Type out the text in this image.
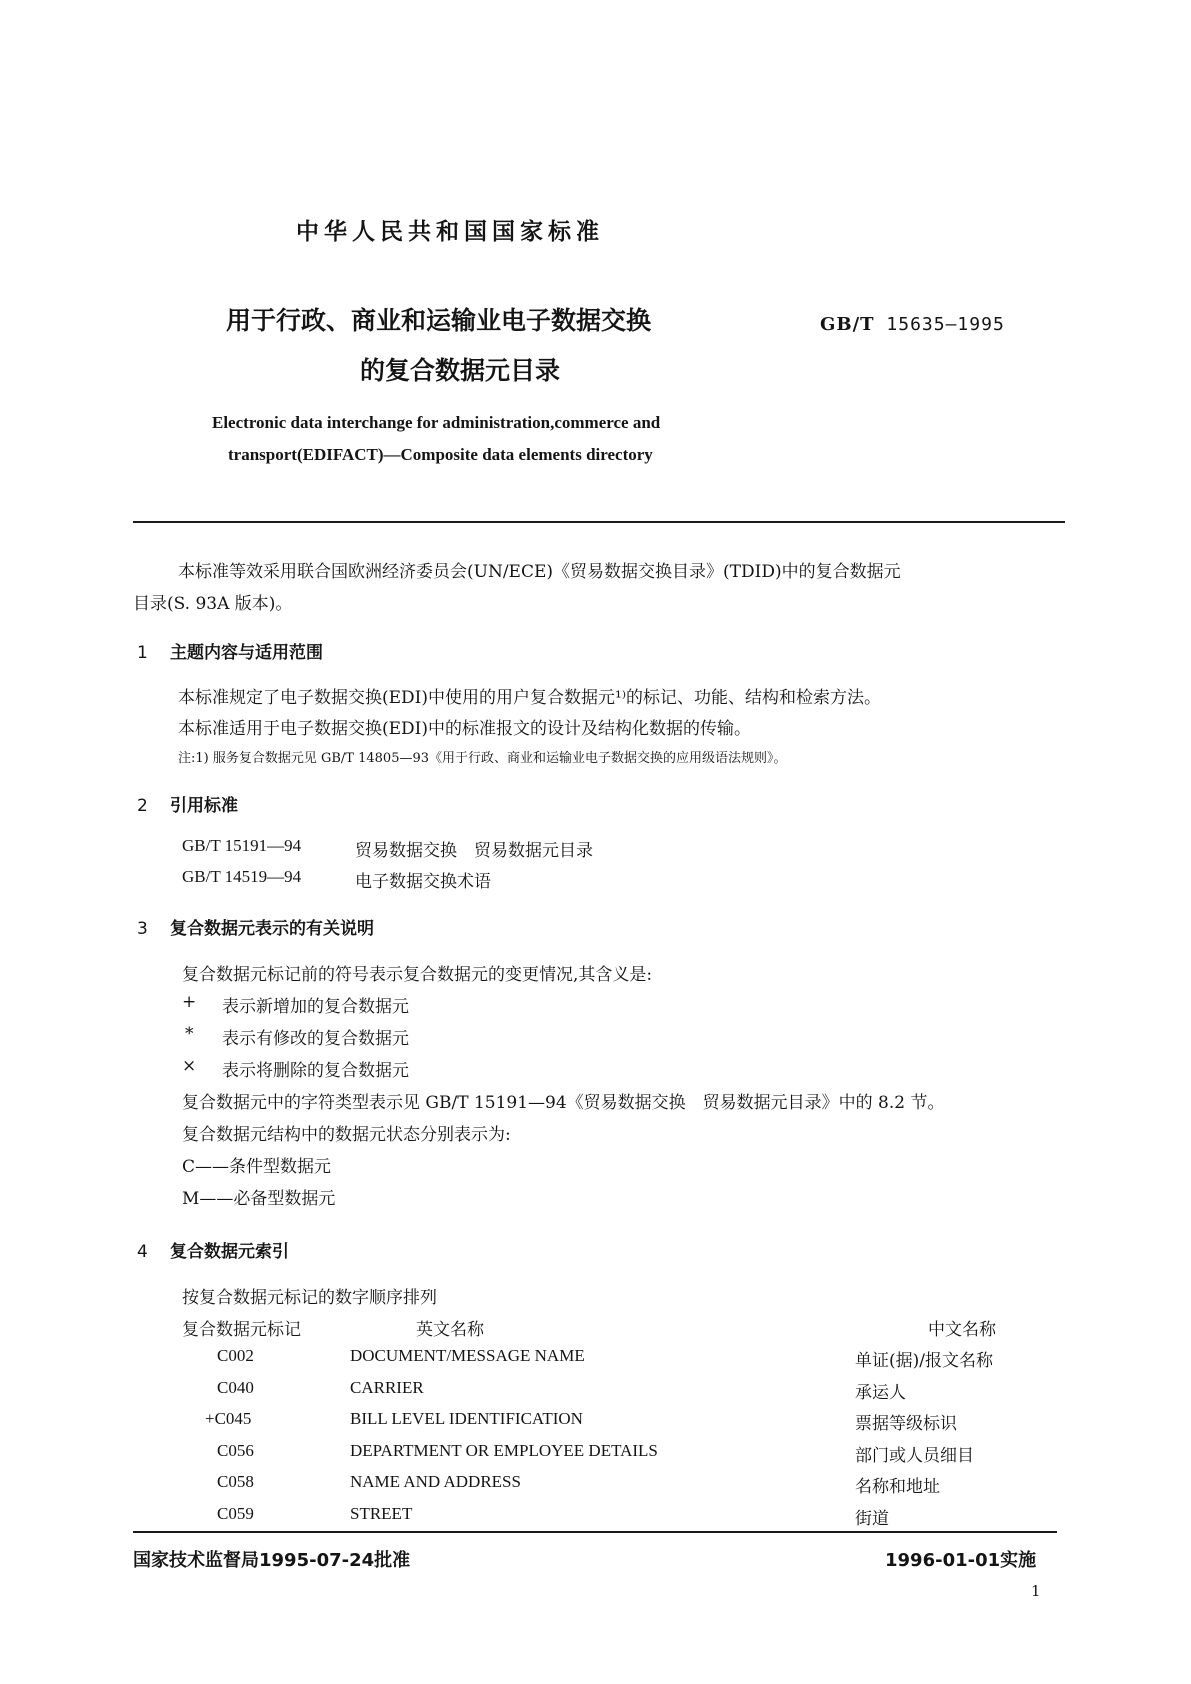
中华人民共和国国家标准
用于行政、商业和运输业电子数据交换
的复合数据元目录
GB/T 15635—1995
Electronic data interchange for administration,commerce and
transport(EDIFACT)—Composite data elements directory
本标准等效采用联合国欧洲经济委员会(UN/ECE)《贸易数据交换目录》(TDID)中的复合数据元
目录(S. 93A 版本)。
1 主题内容与适用范围
本标准规定了电子数据交换(EDI)中使用的用户复合数据元¹⁾的标记、功能、结构和检索方法。
本标准适用于电子数据交换(EDI)中的标准报文的设计及结构化数据的传输。
注:1) 服务复合数据元见 GB/T 14805—93《用于行政、商业和运输业电子数据交换的应用级语法规则》。
2 引用标准
GB/T 15191—94	贸易数据交换　贸易数据元目录
GB/T 14519—94	电子数据交换术语
3 复合数据元表示的有关说明
复合数据元标记前的符号表示复合数据元的变更情况,其含义是:
+ 表示新增加的复合数据元
* 表示有修改的复合数据元
× 表示将删除的复合数据元
复合数据元中的字符类型表示见 GB/T 15191—94《贸易数据交换　贸易数据元目录》中的 8.2 节。
复合数据元结构中的数据元状态分别表示为:
C——条件型数据元
M——必备型数据元
4 复合数据元索引
按复合数据元标记的数字顺序排列
复合数据元标记	英文名称	中文名称
C002	DOCUMENT/MESSAGE NAME	单证(据)/报文名称
C040	CARRIER	承运人
+C045	BILL LEVEL IDENTIFICATION	票据等级标识
C056	DEPARTMENT OR EMPLOYEE DETAILS	部门或人员细目
C058	NAME AND ADDRESS	名称和地址
C059	STREET	街道
国家技术监督局1995-07-24批准	1996-01-01实施
1
